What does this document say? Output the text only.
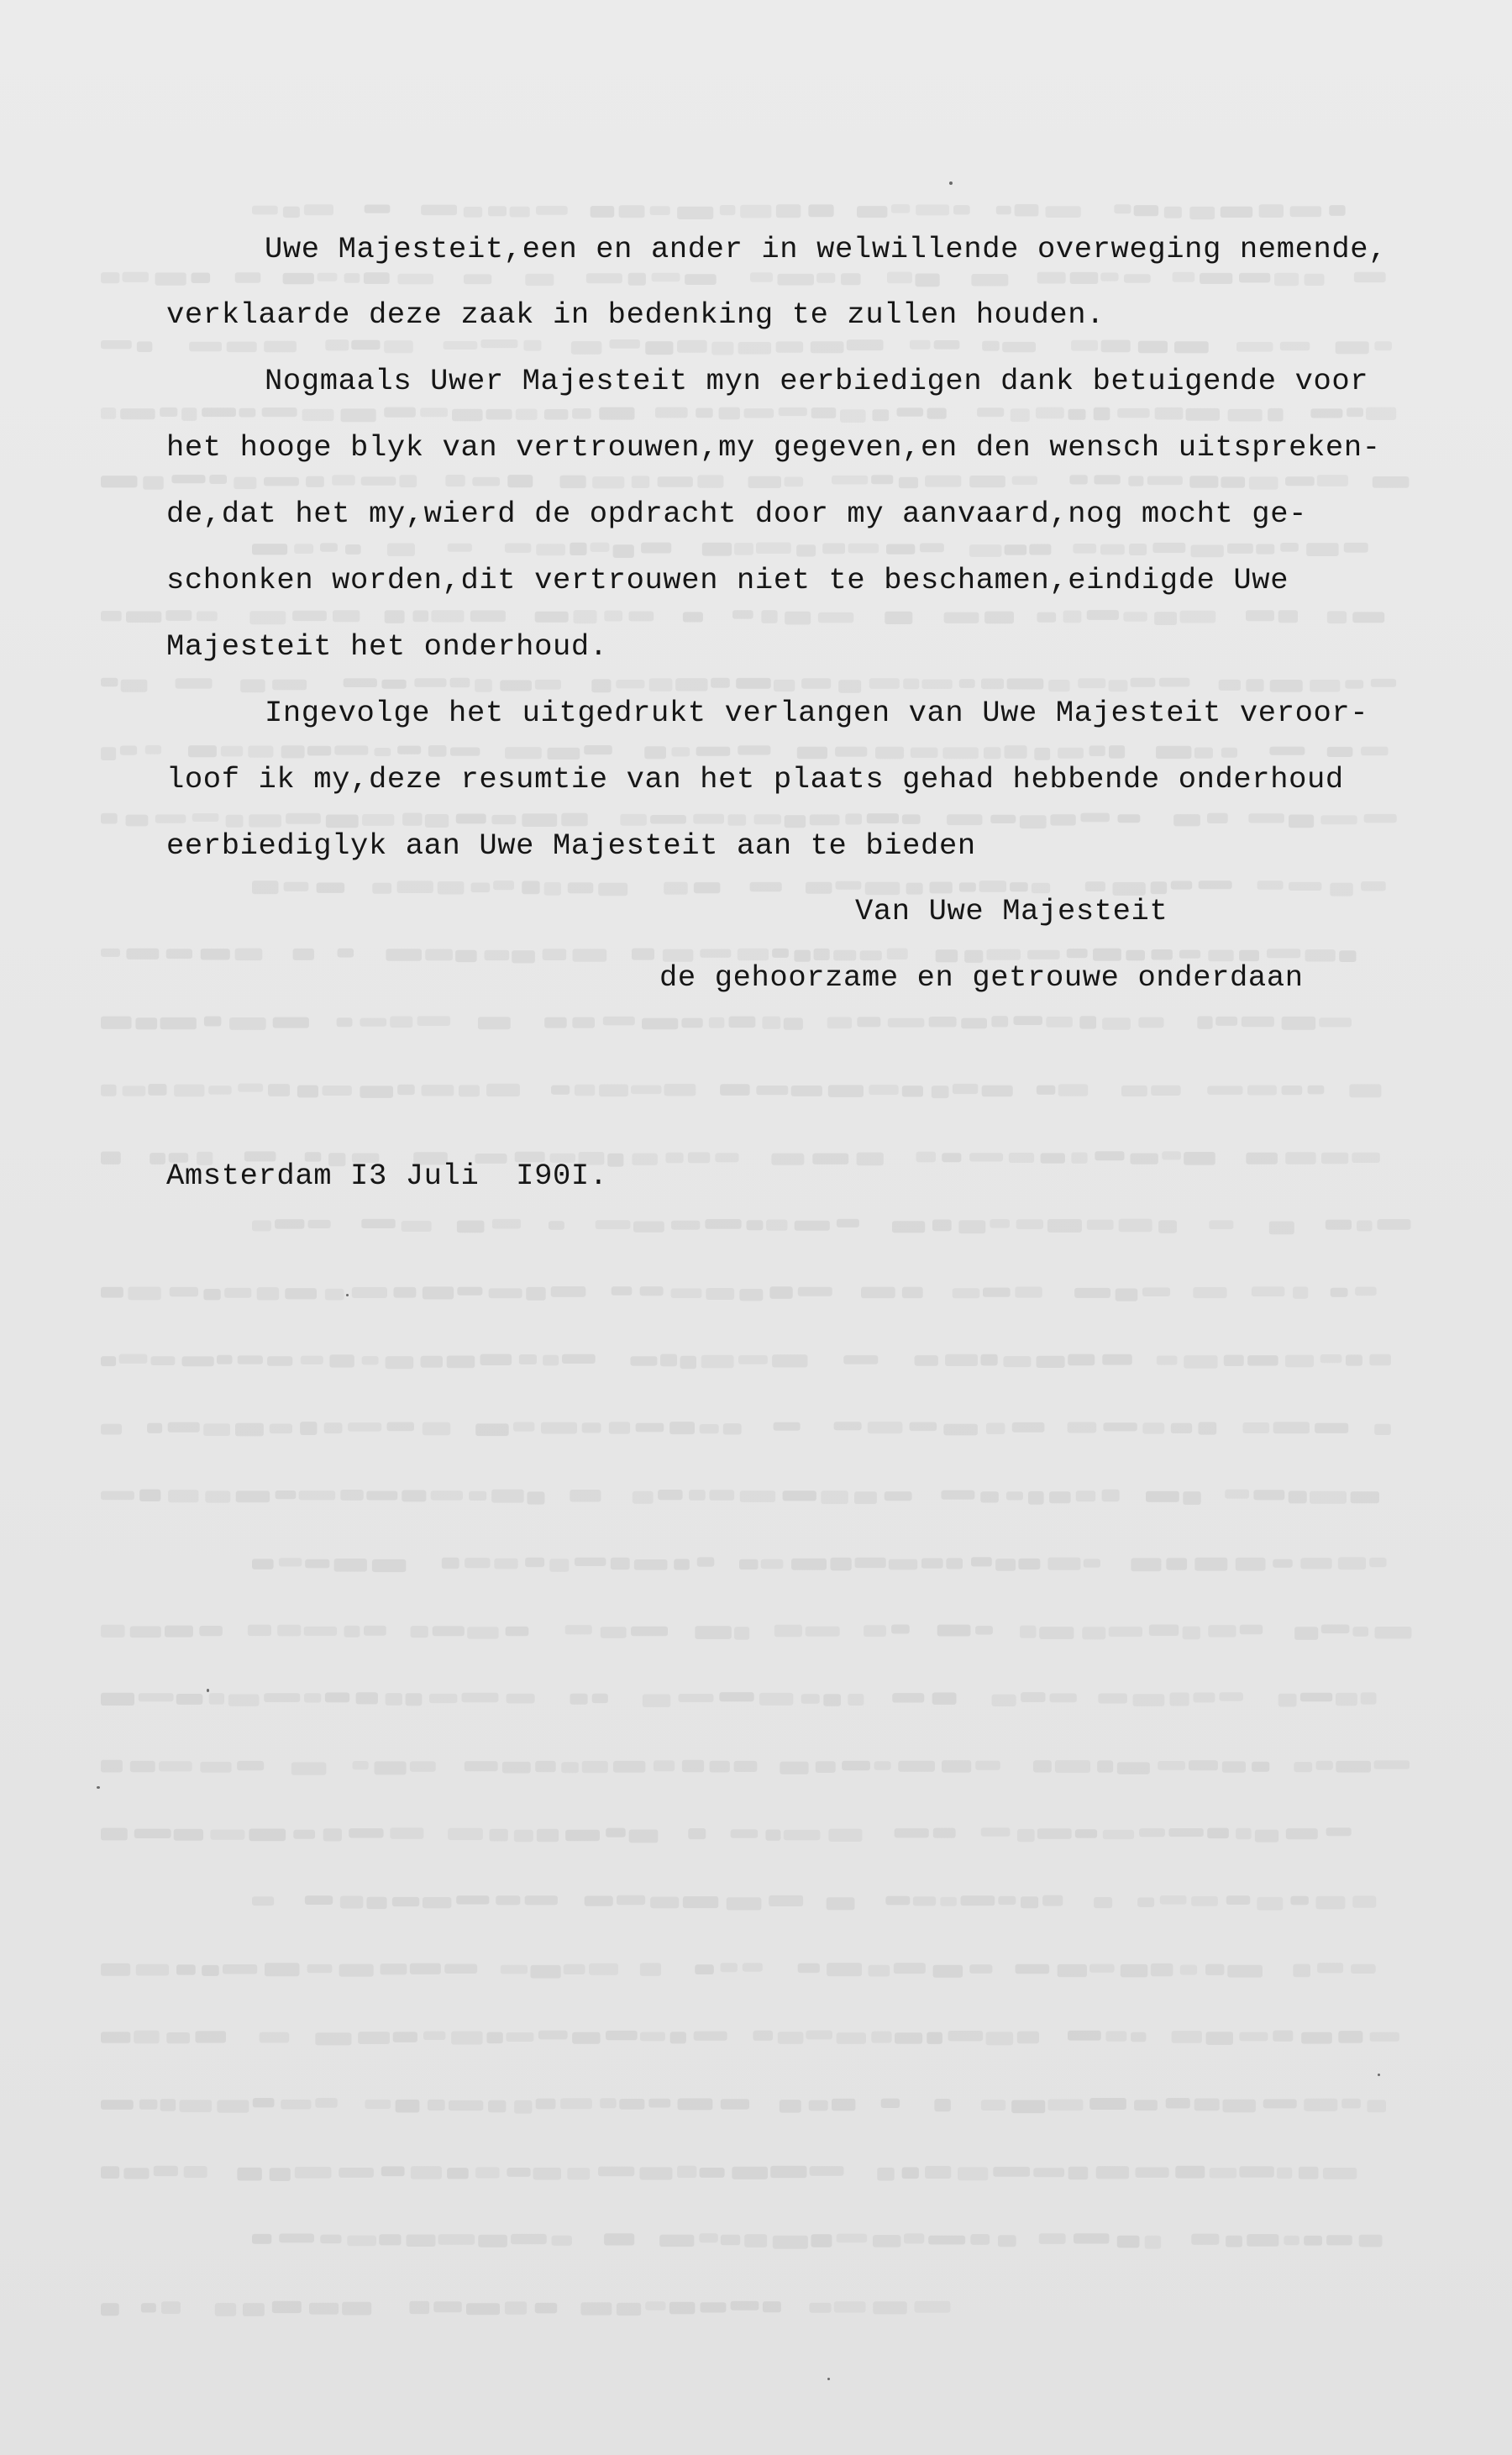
Uwe Majesteit,een en ander in welwillende overweging nemende,
verklaarde deze zaak in bedenking te zullen houden.
Nogmaals Uwer Majesteit myn eerbiedigen dank betuigende voor
het hooge blyk van vertrouwen,my gegeven,en den wensch uitspreken-
de,dat het my,wierd de opdracht door my aanvaard,nog mocht ge-
schonken worden,dit vertrouwen niet te beschamen,eindigde Uwe
Majesteit het onderhoud.
Ingevolge het uitgedrukt verlangen van Uwe Majesteit veroor-
loof ik my,deze resumtie van het plaats gehad hebbende onderhoud
eerbiediglyk aan Uwe Majesteit aan te bieden
Van Uwe Majesteit
de gehoorzame en getrouwe onderdaan
Amsterdam I3 Juli  I90I.
